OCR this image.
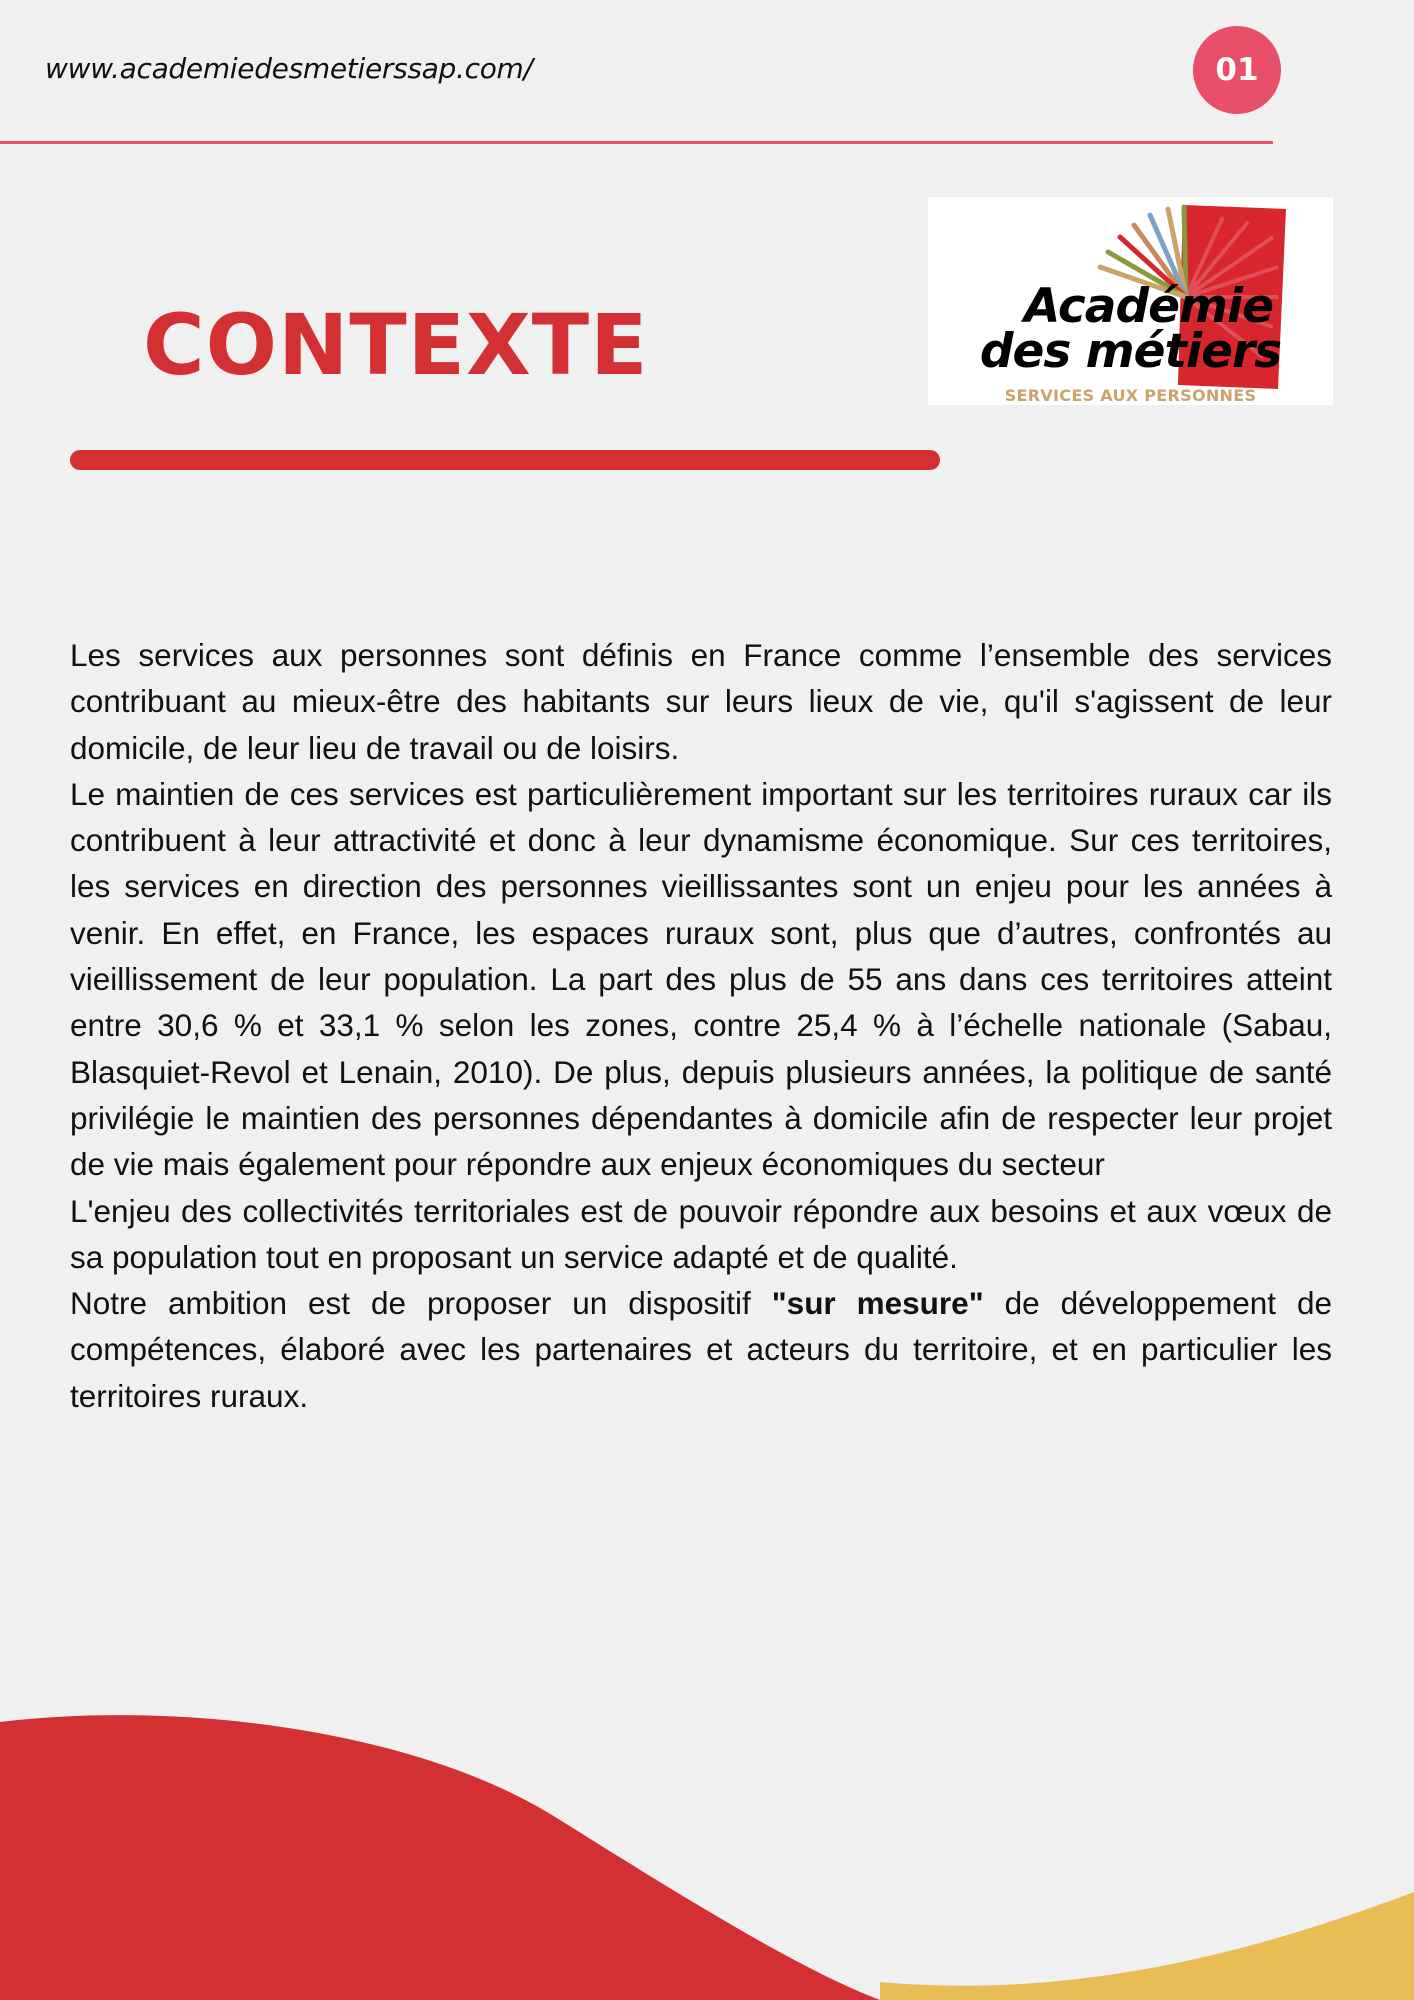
www.academiedesmetierssap.com/	01
Académie
des métiers
SERVICES AUX PERSONNES
CONTEXTE

Les services aux personnes sont définis en France comme l’ensemble des services contribuant au mieux-être des habitants sur leurs lieux de vie, qu'il s'agissent de leur domicile, de leur lieu de travail ou de loisirs.

Le maintien de ces services est particulièrement important sur les territoires ruraux car ils contribuent à leur attractivité et donc à leur dynamisme économique. Sur ces territoires, les services en direction des personnes vieillissantes sont un enjeu pour les années à venir. En effet, en France, les espaces ruraux sont, plus que d’autres, confrontés au vieillissement de leur population. La part des plus de 55 ans dans ces territoires atteint entre 30,6 % et 33,1 % selon les zones, contre 25,4 % à l’échelle nationale (Sabau, Blasquiet-Revol et Lenain, 2010). De plus, depuis plusieurs années, la politique de santé privilégie le maintien des personnes dépendantes à domicile afin de respecter leur projet de vie mais également pour répondre aux enjeux économiques du secteur

L'enjeu des collectivités territoriales est de pouvoir répondre aux besoins et aux vœux de sa population tout en proposant un service adapté et de qualité.

Notre ambition est de proposer un dispositif "sur mesure" de développement de compétences, élaboré avec les partenaires et acteurs du territoire, et en particulier les territoires ruraux.
